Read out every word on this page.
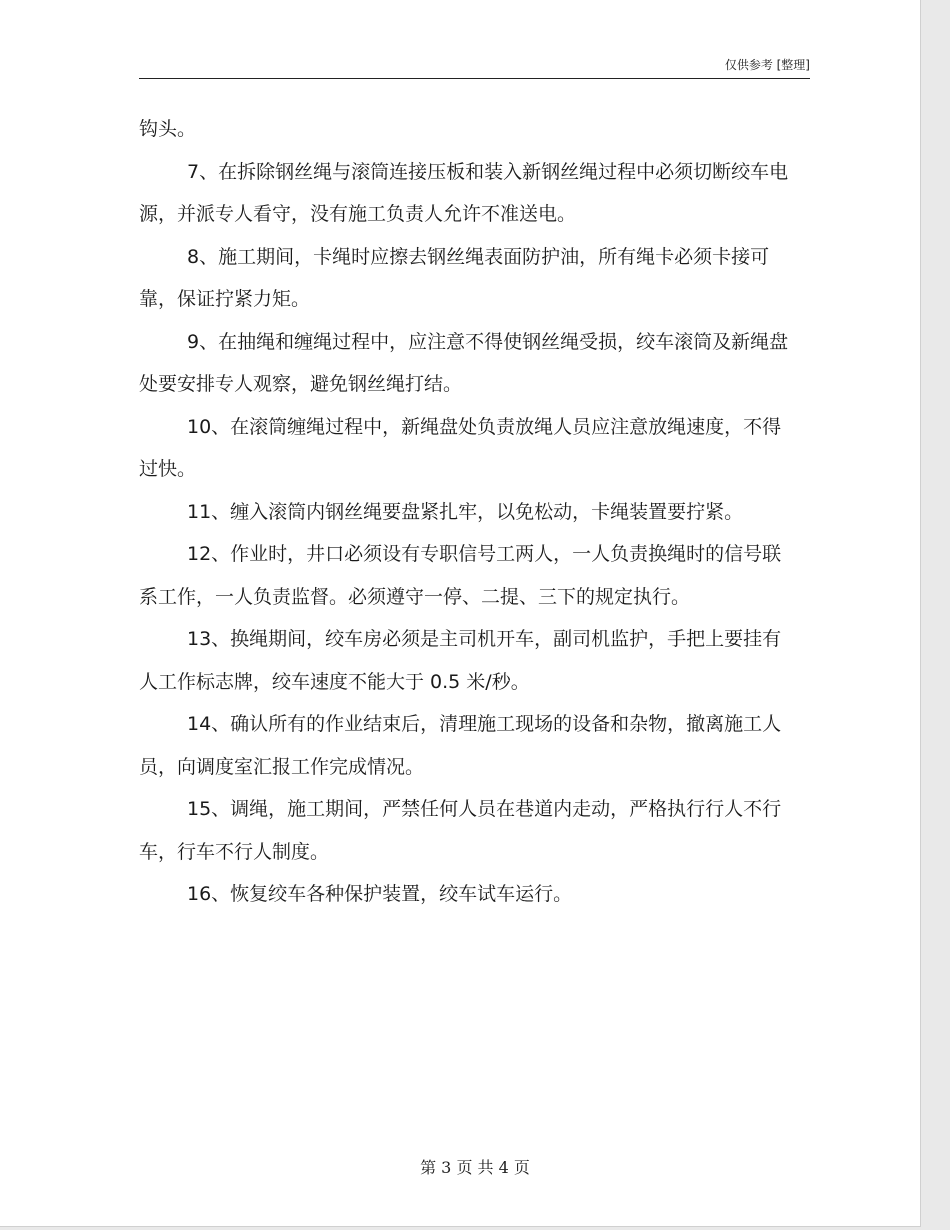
仅供参考 [整理]

钩头。

7、在拆除钢丝绳与滚筒连接压板和装入新钢丝绳过程中必须切断绞车电源，并派专人看守，没有施工负责人允许不准送电。

8、施工期间，卡绳时应擦去钢丝绳表面防护油，所有绳卡必须卡接可靠，保证拧紧力矩。

9、在抽绳和缠绳过程中，应注意不得使钢丝绳受损，绞车滚筒及新绳盘处要安排专人观察，避免钢丝绳打结。

10、在滚筒缠绳过程中，新绳盘处负责放绳人员应注意放绳速度，不得过快。

11、缠入滚筒内钢丝绳要盘紧扎牢，以免松动，卡绳装置要拧紧。

12、作业时，井口必须设有专职信号工两人，一人负责换绳时的信号联系工作，一人负责监督。必须遵守一停、二提、三下的规定执行。

13、换绳期间，绞车房必须是主司机开车，副司机监护，手把上要挂有人工作标志牌，绞车速度不能大于 0.5 米/秒。

14、确认所有的作业结束后，清理施工现场的设备和杂物，撤离施工人员，向调度室汇报工作完成情况。

15、调绳，施工期间，严禁任何人员在巷道内走动，严格执行行人不行车，行车不行人制度。

16、恢复绞车各种保护装置，绞车试车运行。

第 3 页 共 4 页
